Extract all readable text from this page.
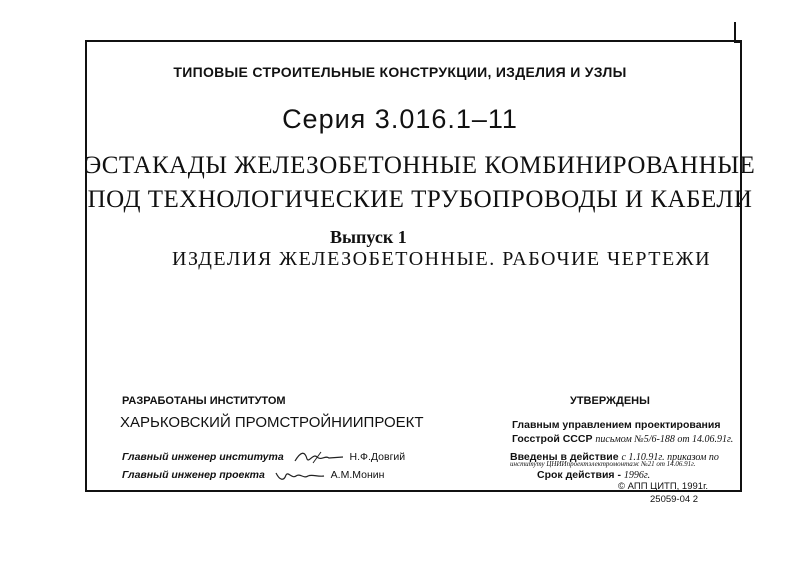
ТИПОВЫЕ СТРОИТЕЛЬНЫЕ КОНСТРУКЦИИ, ИЗДЕЛИЯ И УЗЛЫ
Серия 3.016.1–11
ЭСТАКАДЫ ЖЕЛЕЗОБЕТОННЫЕ КОМБИНИРОВАННЫЕ
ПОД ТЕХНОЛОГИЧЕСКИЕ ТРУБОПРОВОДЫ И КАБЕЛИ
Выпуск 1
ИЗДЕЛИЯ ЖЕЛЕЗОБЕТОННЫЕ. РАБОЧИЕ ЧЕРТЕЖИ
РАЗРАБОТАНЫ ИНСТИТУТОМ
ХАРЬКОВСКИЙ ПРОМСТРОЙНИИПРОЕКТ
Главный инженер института	Н.Ф.Довгий
Главный инженер проекта	А.М.Монин
УТВЕРЖДЕНЫ
Главным управлением проектирования
Госстрой СССР письмом №5/6-188 от 14.06.91г.
Введены в действие с 1.10.91г. приказом по
институту ЦНИИпроектэлектромонтаж №21 от 14.06.91г.
Срок действия - 1996г.
© АПП ЦИТП, 1991г.
25059-04 2
